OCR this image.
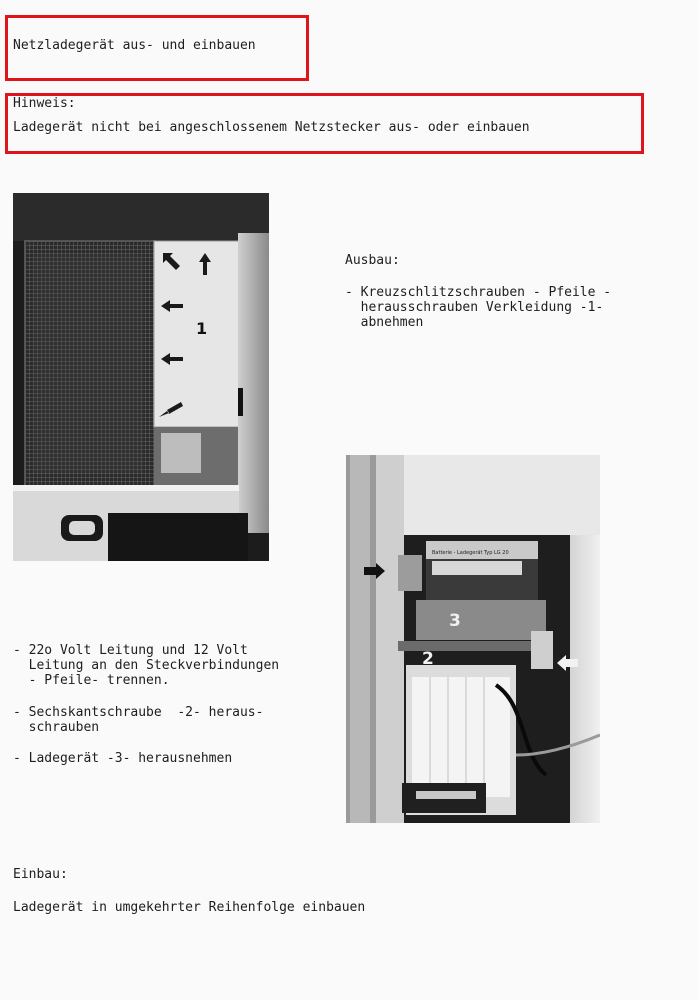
Netzladegerät aus- und einbauen
Hinweis:
Ladegerät nicht bei angeschlossenem Netzstecker aus- oder einbauen
1
Ausbau:
- Kreuzschlitzschrauben - Pfeile -
herausschrauben Verkleidung -1-
abnehmen
Batterie - Ladegerät Typ LG 20
3
2
- 22o Volt Leitung und 12 Volt
Leitung an den Steckverbindungen
- Pfeile- trennen.
- Sechskantschraube  -2- heraus-
schrauben
- Ladegerät -3- herausnehmen
Einbau:
Ladegerät in umgekehrter Reihenfolge einbauen
